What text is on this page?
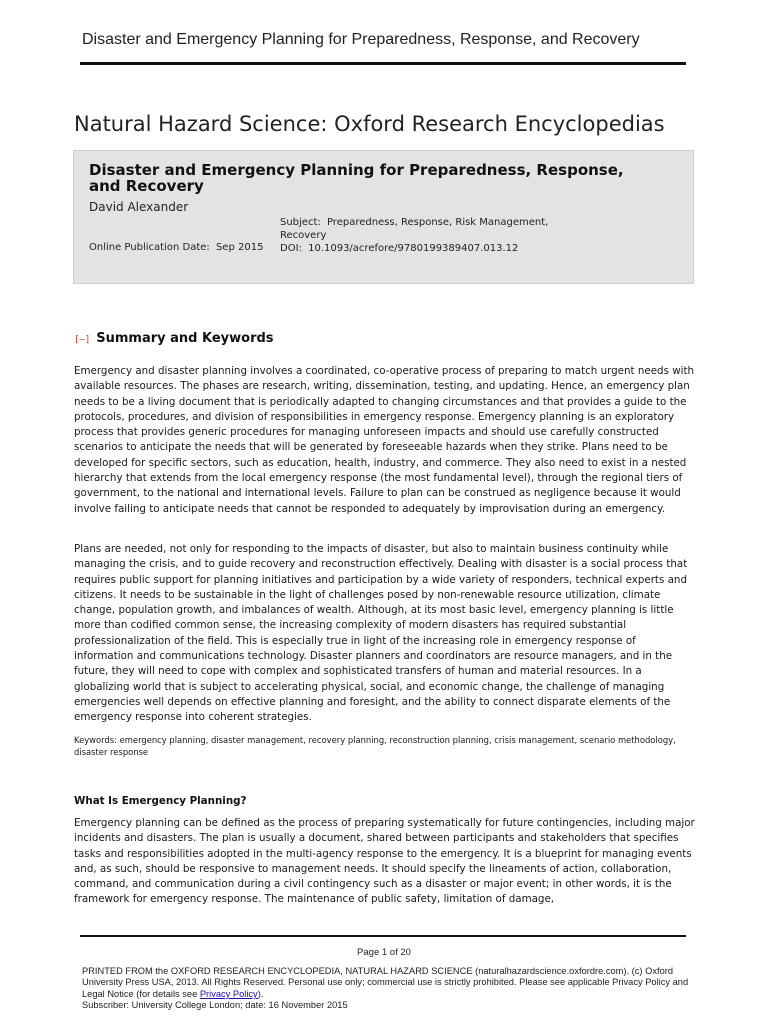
Disaster and Emergency Planning for Preparedness, Response, and Recovery
Natural Hazard Science: Oxford Research Encyclopedias
Disaster and Emergency Planning for Preparedness, Response, and Recovery
David Alexander
Subject: Preparedness, Response, Risk Management, Recovery
Online Publication Date: Sep 2015	DOI: 10.1093/acrefore/9780199389407.013.12
[–] Summary and Keywords

Emergency and disaster planning involves a coordinated, co-operative process of preparing to match urgent needs with available resources. The phases are research, writing, dissemination, testing, and updating. Hence, an emergency plan needs to be a living document that is periodically adapted to changing circumstances and that provides a guide to the protocols, procedures, and division of responsibilities in emergency response. Emergency planning is an exploratory process that provides generic procedures for managing unforeseen impacts and should use carefully constructed scenarios to anticipate the needs that will be generated by foreseeable hazards when they strike. Plans need to be developed for specific sectors, such as education, health, industry, and commerce. They also need to exist in a nested hierarchy that extends from the local emergency response (the most fundamental level), through the regional tiers of government, to the national and international levels. Failure to plan can be construed as negligence because it would involve failing to anticipate needs that cannot be responded to adequately by improvisation during an emergency.

Plans are needed, not only for responding to the impacts of disaster, but also to maintain business continuity while managing the crisis, and to guide recovery and reconstruction effectively. Dealing with disaster is a social process that requires public support for planning initiatives and participation by a wide variety of responders, technical experts and citizens. It needs to be sustainable in the light of challenges posed by non-renewable resource utilization, climate change, population growth, and imbalances of wealth. Although, at its most basic level, emergency planning is little more than codified common sense, the increasing complexity of modern disasters has required substantial professionalization of the field. This is especially true in light of the increasing role in emergency response of information and communications technology. Disaster planners and coordinators are resource managers, and in the future, they will need to cope with complex and sophisticated transfers of human and material resources. In a globalizing world that is subject to accelerating physical, social, and economic change, the challenge of managing emergencies well depends on effective planning and foresight, and the ability to connect disparate elements of the emergency response into coherent strategies.

Keywords: emergency planning, disaster management, recovery planning, reconstruction planning, crisis management, scenario methodology, disaster response
What Is Emergency Planning?

Emergency planning can be defined as the process of preparing systematically for future contingencies, including major incidents and disasters. The plan is usually a document, shared between participants and stakeholders that specifies tasks and responsibilities adopted in the multi-agency response to the emergency. It is a blueprint for managing events and, as such, should be responsive to management needs. It should specify the lineaments of action, collaboration, command, and communication during a civil contingency such as a disaster or major event; in other words, it is the framework for emergency response. The maintenance of public safety, limitation of damage,

Page 1 of 20
PRINTED FROM the OXFORD RESEARCH ENCYCLOPEDIA, NATURAL HAZARD SCIENCE (naturalhazardscience.oxfordre.com). (c) Oxford University Press USA, 2013. All Rights Reserved. Personal use only; commercial use is strictly prohibited. Please see applicable Privacy Policy and Legal Notice (for details see Privacy Policy).
Subscriber: University College London; date: 16 November 2015
